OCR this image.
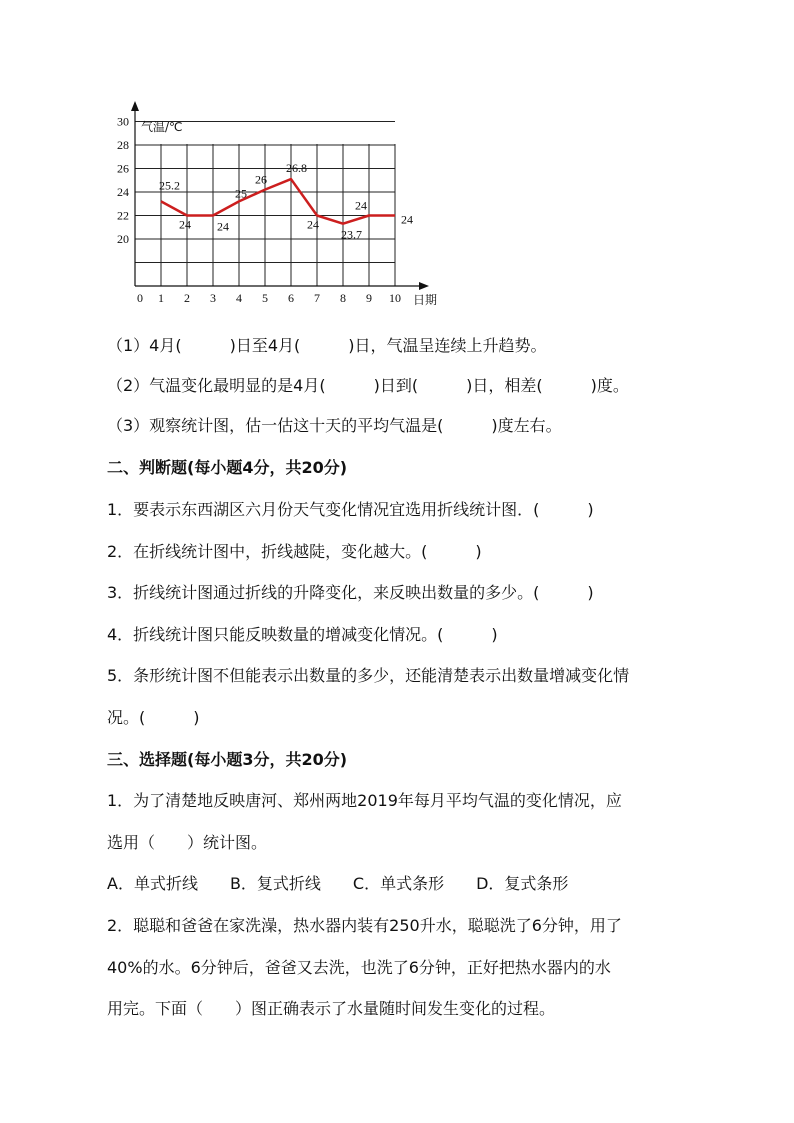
20
22
24
26
28
30
0 1 2 3 4 5 6 7 8 9 10
25.2
24 24
25
26
26.8
24
23.7
24
24
气温/℃
日期

（1）4月(　　　)日至4月(　　　)日，气温呈连续上升趋势。

（2）气温变化最明显的是4月(　　　)日到(　　　)日，相差(　　　)度。

（3）观察统计图，估一估这十天的平均气温是(　　　)度左右。

二、判断题(每小题4分，共20分)

1．要表示东西湖区六月份天气变化情况宜选用折线统计图．(　　　)

2．在折线统计图中，折线越陡，变化越大。(　　　)

3．折线统计图通过折线的升降变化，来反映出数量的多少。(　　　)

4．折线统计图只能反映数量的增减变化情况。(　　　)

5．条形统计图不但能表示出数量的多少，还能清楚表示出数量增减变化情

况。(　　　)

三、选择题(每小题3分，共20分)

1．为了清楚地反映唐河、郑州两地2019年每月平均气温的变化情况，应

选用（　　）统计图。

A．单式折线　　B．复式折线　　C．单式条形　　D．复式条形

2．聪聪和爸爸在家洗澡，热水器内装有250升水，聪聪洗了6分钟，用了

40%的水。6分钟后，爸爸又去洗，也洗了6分钟，正好把热水器内的水

用完。下面（　　）图正确表示了水量随时间发生变化的过程。
